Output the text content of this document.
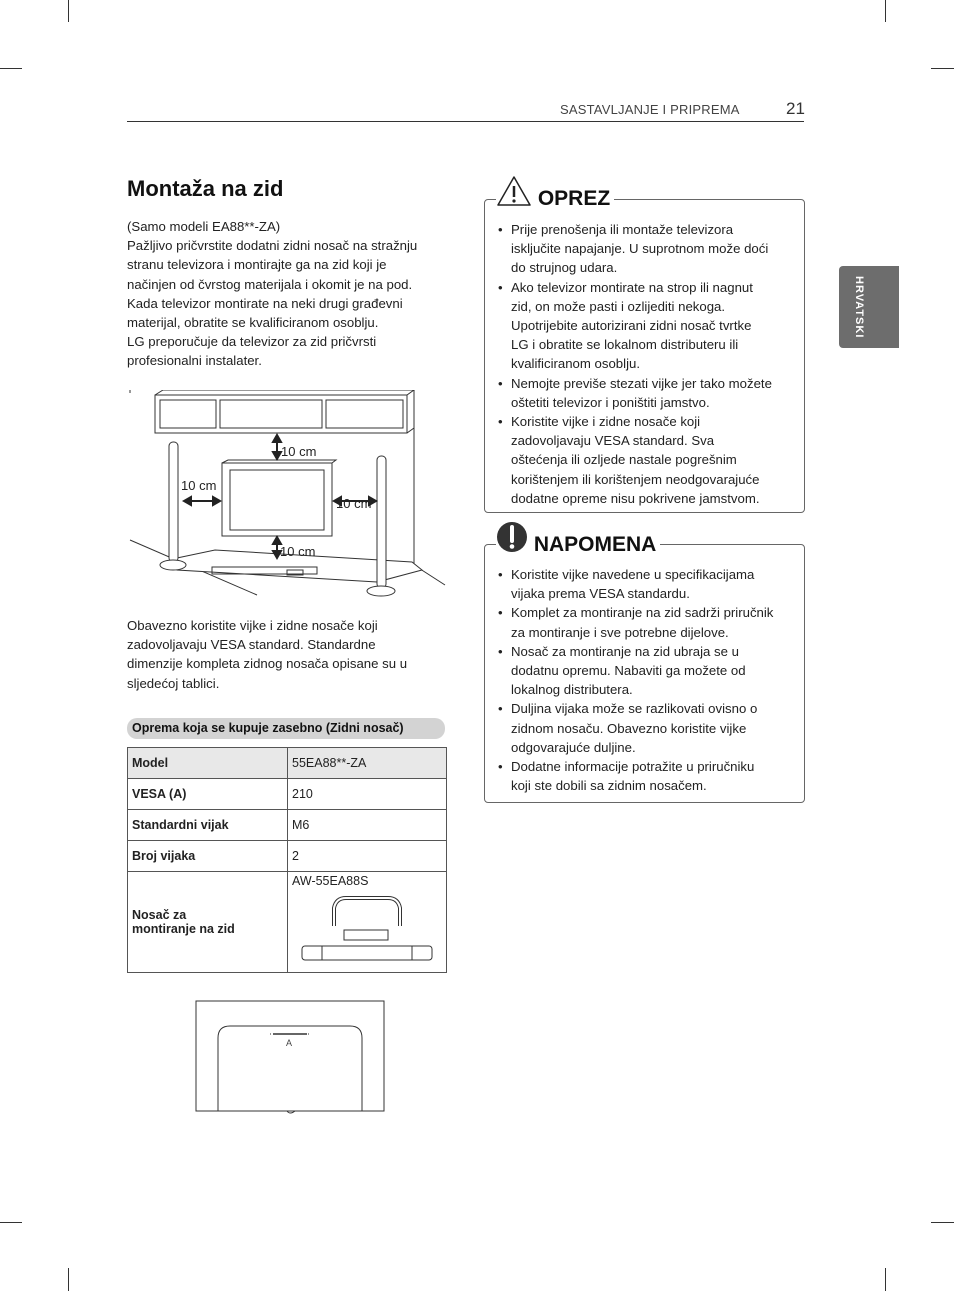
SASTAVLJANJE I PRIPREMA	21
HRVATSKI
Montaža na zid
(Samo modeli EA88**-ZA)
Pažljivo pričvrstite dodatni zidni nosač na stražnju
stranu televizora i montirajte ga na zid koji je
načinjen od čvrstog materijala i okomit je na pod.
Kada televizor montirate na neki drugi građevni
materijal, obratite se kvalificiranom osoblju.
LG preporučuje da televizor za zid pričvrsti
profesionalni instalater.
10 cm
10 cm
10 cm
10 cm
Obavezno koristite vijke i zidne nosače koji
zadovoljavaju VESA standard. Standardne
dimenzije kompleta zidnog nosača opisane su u
sljedećoj tablici.
Oprema koja se kupuje zasebno (Zidni nosač)
Model	55EA88**-ZA
VESA (A)	210
Standardni vijak	M6
Broj vijaka	2

Nosač za
montiranje na zid	AW-55EA88S
A
• Prije prenošenja ili montaže televizora
isključite napajanje. U suprotnom može doći
do strujnog udara.
• Ako televizor montirate na strop ili nagnut
zid, on može pasti i ozlijediti nekoga.
Upotrijebite autorizirani zidni nosač tvrtke
LG i obratite se lokalnom distributeru ili
kvalificiranom osoblju.
• Nemojte previše stezati vijke jer tako možete
oštetiti televizor i poništiti jamstvo.
• Koristite vijke i zidne nosače koji
zadovoljavaju VESA standard. Sva
oštećenja ili ozljede nastale pogrešnim
korištenjem ili korištenjem neodgovarajuće
dodatne opreme nisu pokrivene jamstvom.
OPREZ
• Koristite vijke navedene u specifikacijama
vijaka prema VESA standardu.
• Komplet za montiranje na zid sadrži priručnik
za montiranje i sve potrebne dijelove.
• Nosač za montiranje na zid ubraja se u
dodatnu opremu. Nabaviti ga možete od
lokalnog distributera.
• Duljina vijaka može se razlikovati ovisno o
zidnom nosaču. Obavezno koristite vijke
odgovarajuće duljine.
• Dodatne informacije potražite u priručniku
koji ste dobili sa zidnim nosačem.
NAPOMENA
